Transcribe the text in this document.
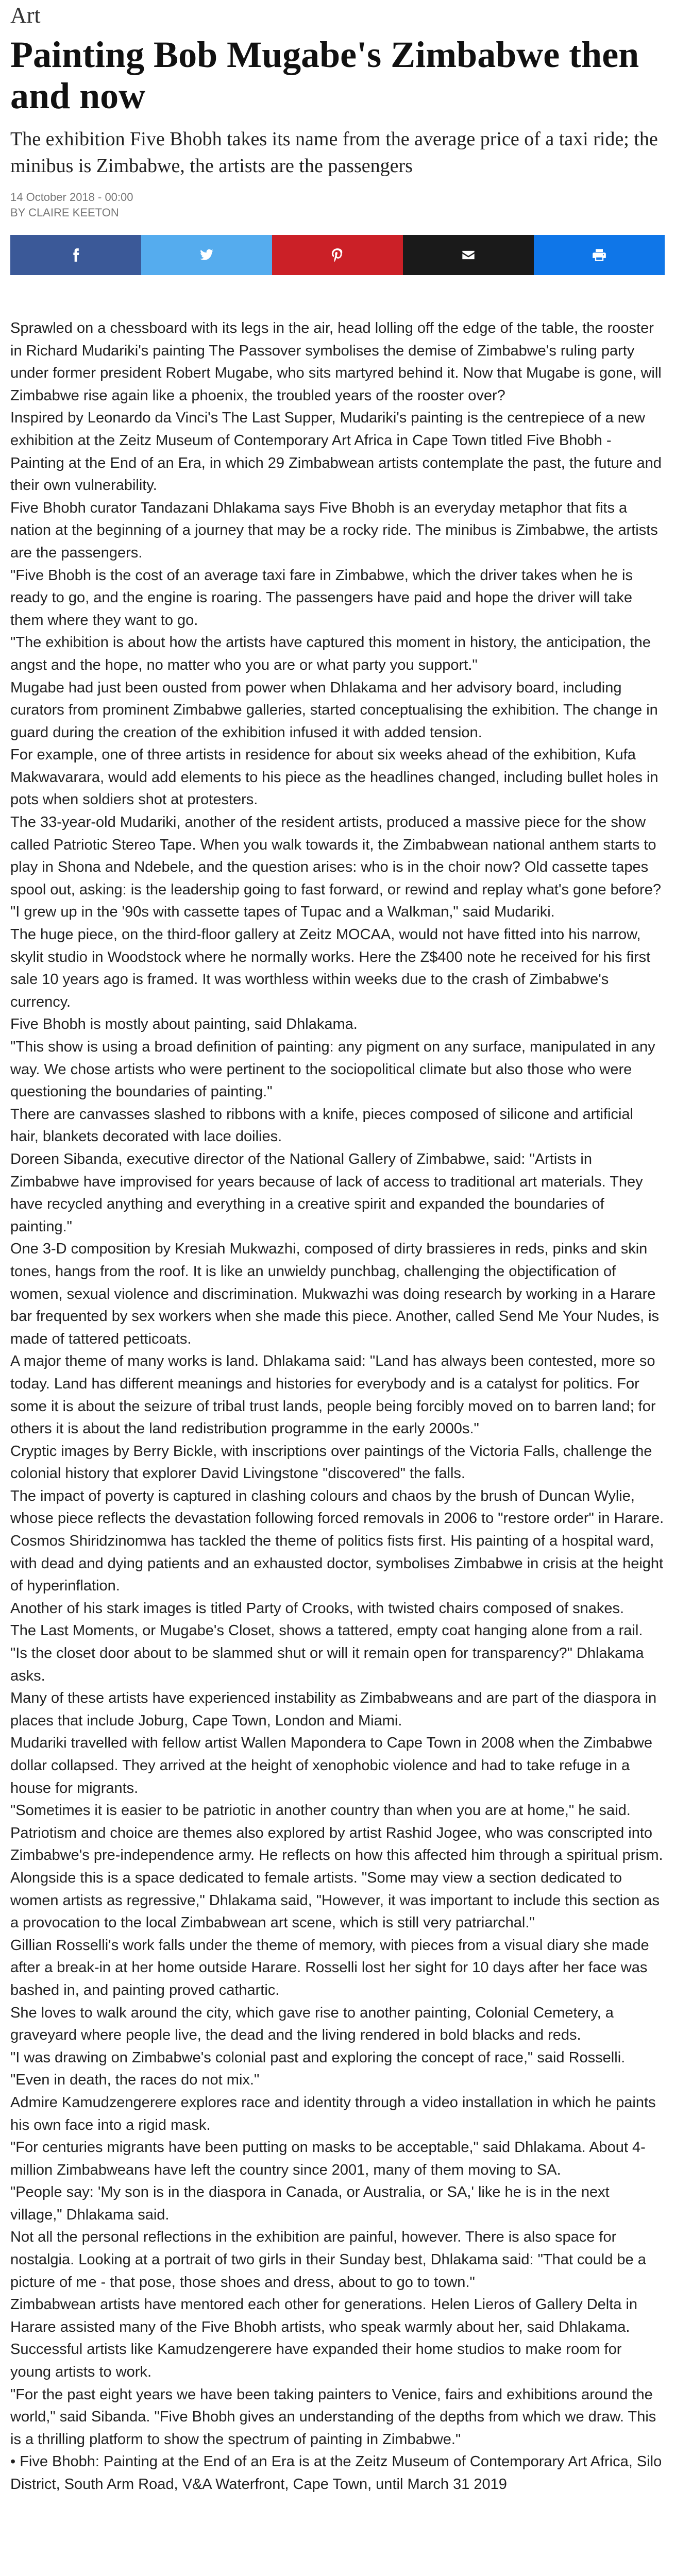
Art
Painting Bob Mugabe's Zimbabwe then and now
The exhibition Five Bhobh takes its name from the average price of a taxi ride; the minibus is Zimbabwe, the artists are the passengers
14 October 2018 - 00:00
BY CLAIRE KEETON

Sprawled on a chessboard with its legs in the air, head lolling off the edge of the table, the rooster in Richard Mudariki's painting The Passover symbolises the demise of Zimbabwe's ruling party under former president Robert Mugabe, who sits martyred behind it. Now that Mugabe is gone, will Zimbabwe rise again like a phoenix, the troubled years of the rooster over?

Inspired by Leonardo da Vinci's The Last Supper, Mudariki's painting is the centrepiece of a new exhibition at the Zeitz Museum of Contemporary Art Africa in Cape Town titled Five Bhobh - Painting at the End of an Era, in which 29 Zimbabwean artists contemplate the past, the future and their own vulnerability.

Five Bhobh curator Tandazani Dhlakama says Five Bhobh is an everyday metaphor that fits a nation at the beginning of a journey that may be a rocky ride. The minibus is Zimbabwe, the artists are the passengers.

"Five Bhobh is the cost of an average taxi fare in Zimbabwe, which the driver takes when he is ready to go, and the engine is roaring. The passengers have paid and hope the driver will take them where they want to go.

"The exhibition is about how the artists have captured this moment in history, the anticipation, the angst and the hope, no matter who you are or what party you support."

Mugabe had just been ousted from power when Dhlakama and her advisory board, including curators from prominent Zimbabwe galleries, started conceptualising the exhibition. The change in guard during the creation of the exhibition infused it with added tension.

For example, one of three artists in residence for about six weeks ahead of the exhibition, Kufa Makwavarara, would add elements to his piece as the headlines changed, including bullet holes in pots when soldiers shot at protesters.

The 33-year-old Mudariki, another of the resident artists, produced a massive piece for the show called Patriotic Stereo Tape. When you walk towards it, the Zimbabwean national anthem starts to play in Shona and Ndebele, and the question arises: who is in the choir now? Old cassette tapes spool out, asking: is the leadership going to fast forward, or rewind and replay what's gone before?

"I grew up in the '90s with cassette tapes of Tupac and a Walkman," said Mudariki.

The huge piece, on the third-floor gallery at Zeitz MOCAA, would not have fitted into his narrow, skylit studio in Woodstock where he normally works. Here the Z$400 note he received for his first sale 10 years ago is framed. It was worthless within weeks due to the crash of Zimbabwe's currency.

Five Bhobh is mostly about painting, said Dhlakama.

"This show is using a broad definition of painting: any pigment on any surface, manipulated in any way. We chose artists who were pertinent to the sociopolitical climate but also those who were questioning the boundaries of painting."

There are canvasses slashed to ribbons with a knife, pieces composed of silicone and artificial hair, blankets decorated with lace doilies.

Doreen Sibanda, executive director of the National Gallery of Zimbabwe, said: "Artists in Zimbabwe have improvised for years because of lack of access to traditional art materials. They have recycled anything and everything in a creative spirit and expanded the boundaries of painting."

One 3-D composition by Kresiah Mukwazhi, composed of dirty brassieres in reds, pinks and skin tones, hangs from the roof. It is like an unwieldy punchbag, challenging the objectification of women, sexual violence and discrimination. Mukwazhi was doing research by working in a Harare bar frequented by sex workers when she made this piece. Another, called Send Me Your Nudes, is made of tattered petticoats.

A major theme of many works is land. Dhlakama said: "Land has always been contested, more so today. Land has different meanings and histories for everybody and is a catalyst for politics. For some it is about the seizure of tribal trust lands, people being forcibly moved on to barren land; for others it is about the land redistribution programme in the early 2000s."

Cryptic images by Berry Bickle, with inscriptions over paintings of the Victoria Falls, challenge the colonial history that explorer David Livingstone "discovered" the falls.

The impact of poverty is captured in clashing colours and chaos by the brush of Duncan Wylie, whose piece reflects the devastation following forced removals in 2006 to "restore order" in Harare.

Cosmos Shiridzinomwa has tackled the theme of politics fists first. His painting of a hospital ward, with dead and dying patients and an exhausted doctor, symbolises Zimbabwe in crisis at the height of hyperinflation.

Another of his stark images is titled Party of Crooks, with twisted chairs composed of snakes.

The Last Moments, or Mugabe's Closet, shows a tattered, empty coat hanging alone from a rail.

"Is the closet door about to be slammed shut or will it remain open for transparency?" Dhlakama asks.

Many of these artists have experienced instability as Zimbabweans and are part of the diaspora in places that include Joburg, Cape Town, London and Miami.

Mudariki travelled with fellow artist Wallen Mapondera to Cape Town in 2008 when the Zimbabwe dollar collapsed. They arrived at the height of xenophobic violence and had to take refuge in a house for migrants.

"Sometimes it is easier to be patriotic in another country than when you are at home," he said. Patriotism and choice are themes also explored by artist Rashid Jogee, who was conscripted into Zimbabwe's pre-independence army. He reflects on how this affected him through a spiritual prism.

Alongside this is a space dedicated to female artists. "Some may view a section dedicated to women artists as regressive," Dhlakama said, "However, it was important to include this section as a provocation to the local Zimbabwean art scene, which is still very patriarchal."

Gillian Rosselli's work falls under the theme of memory, with pieces from a visual diary she made after a break-in at her home outside Harare. Rosselli lost her sight for 10 days after her face was bashed in, and painting proved cathartic.

She loves to walk around the city, which gave rise to another painting, Colonial Cemetery, a graveyard where people live, the dead and the living rendered in bold blacks and reds.

"I was drawing on Zimbabwe's colonial past and exploring the concept of race," said Rosselli. "Even in death, the races do not mix."

Admire Kamudzengerere explores race and identity through a video installation in which he paints his own face into a rigid mask.

"For centuries migrants have been putting on masks to be acceptable," said Dhlakama. About 4-million Zimbabweans have left the country since 2001, many of them moving to SA.

"People say: 'My son is in the diaspora in Canada, or Australia, or SA,' like he is in the next village," Dhlakama said.

Not all the personal reflections in the exhibition are painful, however. There is also space for nostalgia. Looking at a portrait of two girls in their Sunday best, Dhlakama said: "That could be a picture of me - that pose, those shoes and dress, about to go to town."

Zimbabwean artists have mentored each other for generations. Helen Lieros of Gallery Delta in Harare assisted many of the Five Bhobh artists, who speak warmly about her, said Dhlakama. Successful artists like Kamudzengerere have expanded their home studios to make room for young artists to work.

"For the past eight years we have been taking painters to Venice, fairs and exhibitions around the world," said Sibanda. "Five Bhobh gives an understanding of the depths from which we draw. This is a thrilling platform to show the spectrum of painting in Zimbabwe."

• Five Bhobh: Painting at the End of an Era is at the Zeitz Museum of Contemporary Art Africa, Silo District, South Arm Road, V&A Waterfront, Cape Town, until March 31 2019
